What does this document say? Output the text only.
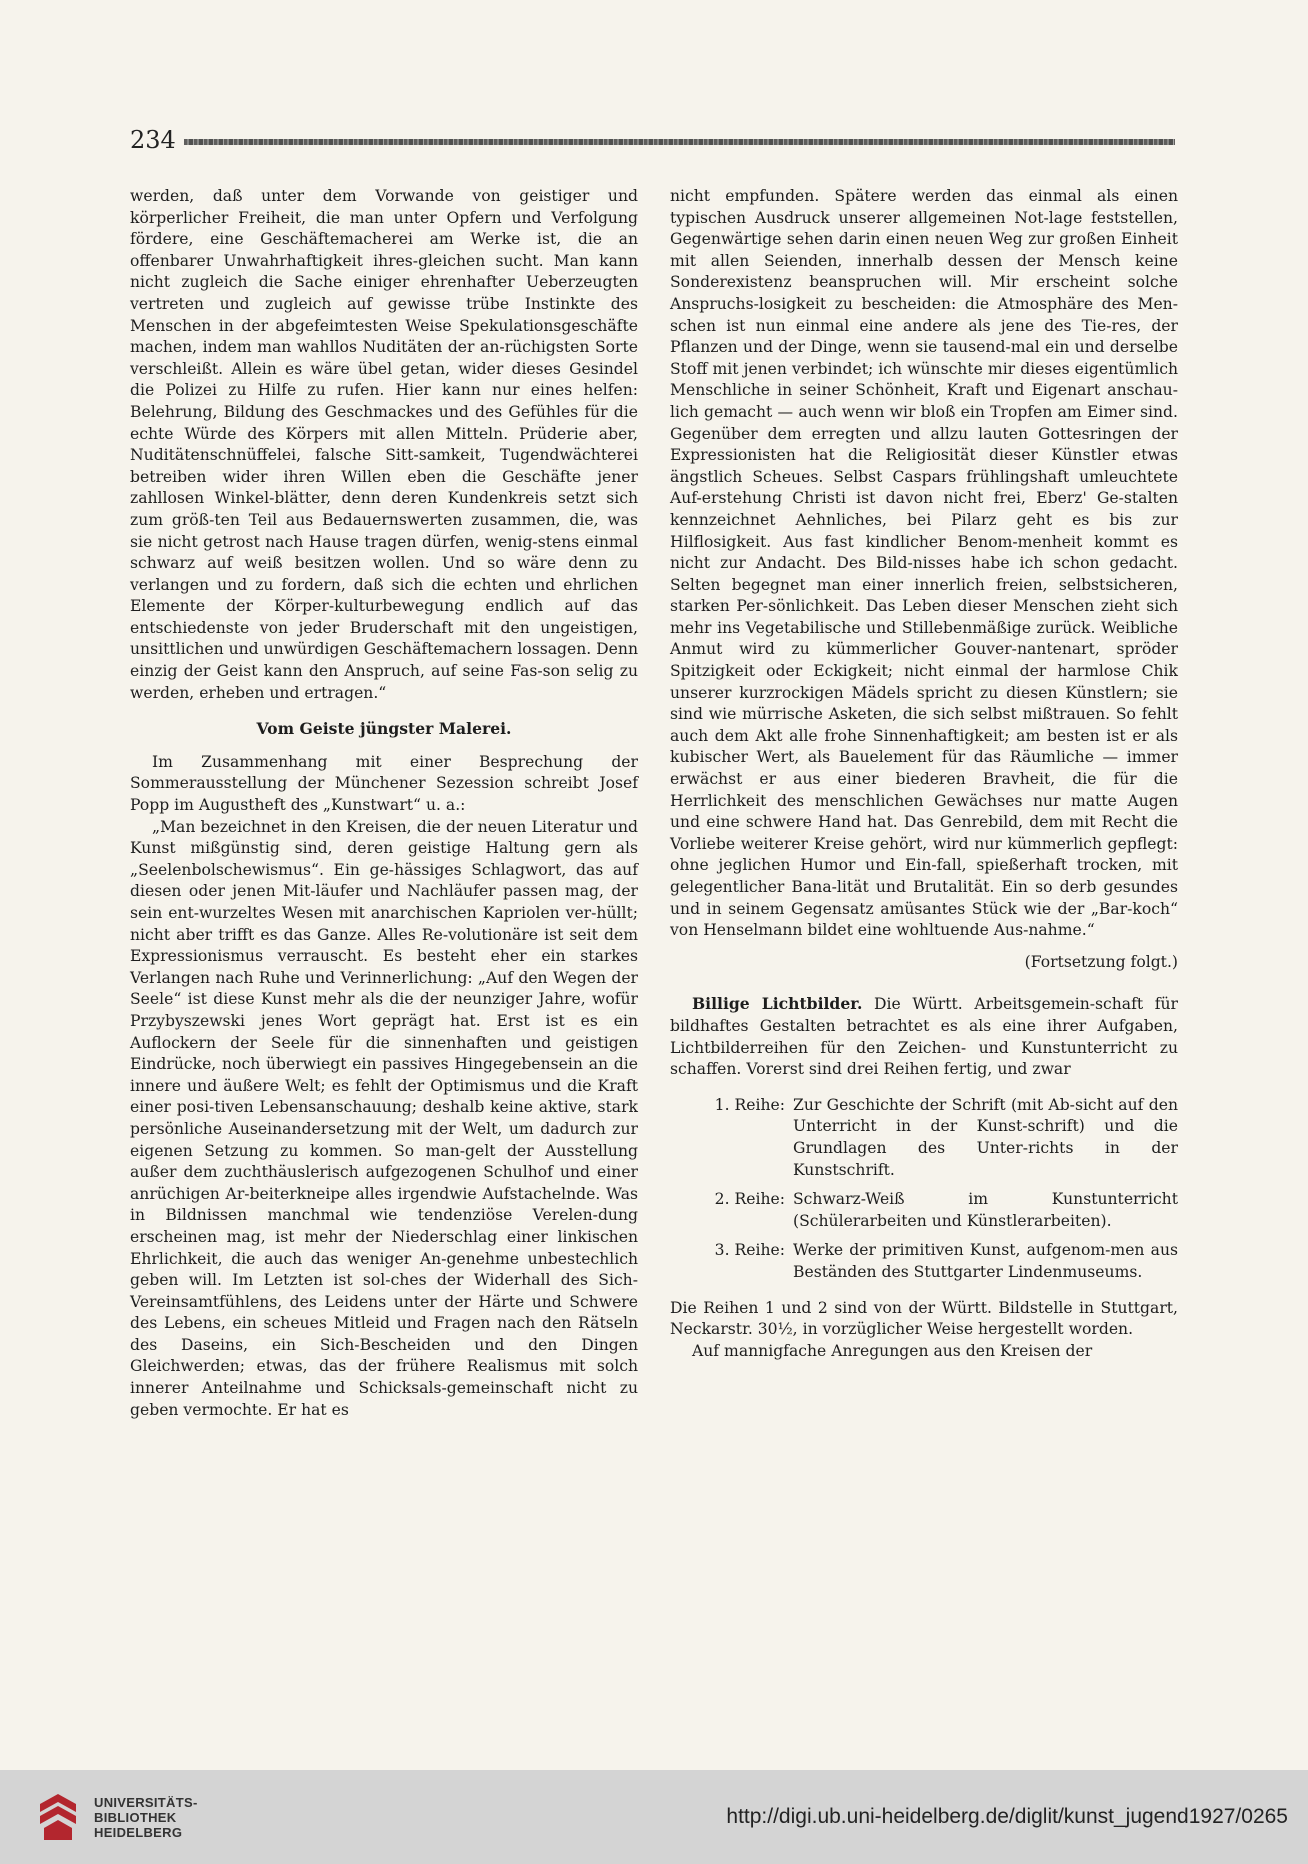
234

werden, daß unter dem Vorwande von geistiger und körperlicher Freiheit, die man unter Opfern und Verfolgung fördere, eine Geschäftemacherei am Werke ist, die an offenbarer Unwahrhaftigkeit ihres-gleichen sucht. Man kann nicht zugleich die Sache einiger ehrenhafter Ueberzeugten vertreten und zugleich auf gewisse trübe Instinkte des Menschen in der abgefeimtesten Weise Spekulationsgeschäfte machen, indem man wahllos Nuditäten der an-rüchigsten Sorte verschleißt. Allein es wäre übel getan, wider dieses Gesindel die Polizei zu Hilfe zu rufen. Hier kann nur eines helfen: Belehrung, Bildung des Geschmackes und des Gefühles für die echte Würde des Körpers mit allen Mitteln. Prüderie aber, Nuditätenschnüffelei, falsche Sitt-samkeit, Tugendwächterei betreiben wider ihren Willen eben die Geschäfte jener zahllosen Winkel-blätter, denn deren Kundenkreis setzt sich zum größ-ten Teil aus Bedauernswerten zusammen, die, was sie nicht getrost nach Hause tragen dürfen, wenig-stens einmal schwarz auf weiß besitzen wollen. Und so wäre denn zu verlangen und zu fordern, daß sich die echten und ehrlichen Elemente der Körper-kulturbewegung endlich auf das entschiedenste von jeder Bruderschaft mit den ungeistigen, unsittlichen und unwürdigen Geschäftemachern lossagen. Denn einzig der Geist kann den Anspruch, auf seine Fas-son selig zu werden, erheben und ertragen.“

Vom Geiste jüngster Malerei.

Im Zusammenhang mit einer Besprechung der Sommerausstellung der Münchener Sezession schreibt Josef Popp im Augustheft des „Kunstwart“ u. a.:

„Man bezeichnet in den Kreisen, die der neuen Literatur und Kunst mißgünstig sind, deren geistige Haltung gern als „Seelenbolschewismus“. Ein ge-hässiges Schlagwort, das auf diesen oder jenen Mit-läufer und Nachläufer passen mag, der sein ent-wurzeltes Wesen mit anarchischen Kapriolen ver-hüllt; nicht aber trifft es das Ganze. Alles Re-volutionäre ist seit dem Expressionismus verrauscht. Es besteht eher ein starkes Verlangen nach Ruhe und Verinnerlichung: „Auf den Wegen der Seele“ ist diese Kunst mehr als die der neunziger Jahre, wofür Przybyszewski jenes Wort geprägt hat. Erst ist es ein Auflockern der Seele für die sinnenhaften und geistigen Eindrücke, noch überwiegt ein passives Hingegebensein an die innere und äußere Welt; es fehlt der Optimismus und die Kraft einer posi-tiven Lebensanschauung; deshalb keine aktive, stark persönliche Auseinandersetzung mit der Welt, um dadurch zur eigenen Setzung zu kommen. So man-gelt der Ausstellung außer dem zuchthäuslerisch aufgezogenen Schulhof und einer anrüchigen Ar-beiterkneipe alles irgendwie Aufstachelnde. Was in Bildnissen manchmal wie tendenziöse Verelen-dung erscheinen mag, ist mehr der Niederschlag einer linkischen Ehrlichkeit, die auch das weniger An-genehme unbestechlich geben will. Im Letzten ist sol-ches der Widerhall des Sich-Vereinsamtfühlens, des Leidens unter der Härte und Schwere des Lebens, ein scheues Mitleid und Fragen nach den Rätseln des Daseins, ein Sich-Bescheiden und den Dingen Gleichwerden; etwas, das der frühere Realismus mit solch innerer Anteilnahme und Schicksals-gemeinschaft nicht zu geben vermochte. Er hat es

nicht empfunden. Spätere werden das einmal als einen typischen Ausdruck unserer allgemeinen Not-lage feststellen, Gegenwärtige sehen darin einen neuen Weg zur großen Einheit mit allen Seienden, innerhalb dessen der Mensch keine Sonderexistenz beanspruchen will. Mir erscheint solche Anspruchs-losigkeit zu bescheiden: die Atmosphäre des Men-schen ist nun einmal eine andere als jene des Tie-res, der Pflanzen und der Dinge, wenn sie tausend-mal ein und derselbe Stoff mit jenen verbindet; ich wünschte mir dieses eigentümlich Menschliche in seiner Schönheit, Kraft und Eigenart anschau-lich gemacht — auch wenn wir bloß ein Tropfen am Eimer sind. Gegenüber dem erregten und allzu lauten Gottesringen der Expressionisten hat die Religiosität dieser Künstler etwas ängstlich Scheues. Selbst Caspars frühlingshaft umleuchtete Auf-erstehung Christi ist davon nicht frei, Eberz' Ge-stalten kennzeichnet Aehnliches, bei Pilarz geht es bis zur Hilflosigkeit. Aus fast kindlicher Benom-menheit kommt es nicht zur Andacht. Des Bild-nisses habe ich schon gedacht. Selten begegnet man einer innerlich freien, selbstsicheren, starken Per-sönlichkeit. Das Leben dieser Menschen zieht sich mehr ins Vegetabilische und Stillebenmäßige zurück. Weibliche Anmut wird zu kümmerlicher Gouver-nantenart, spröder Spitzigkeit oder Eckigkeit; nicht einmal der harmlose Chik unserer kurzrockigen Mädels spricht zu diesen Künstlern; sie sind wie mürrische Asketen, die sich selbst mißtrauen. So fehlt auch dem Akt alle frohe Sinnenhaftigkeit; am besten ist er als kubischer Wert, als Bauelement für das Räumliche — immer erwächst er aus einer biederen Bravheit, die für die Herrlichkeit des menschlichen Gewächses nur matte Augen und eine schwere Hand hat. Das Genrebild, dem mit Recht die Vorliebe weiterer Kreise gehört, wird nur kümmerlich gepflegt: ohne jeglichen Humor und Ein-fall, spießerhaft trocken, mit gelegentlicher Bana-lität und Brutalität. Ein so derb gesundes und in seinem Gegensatz amüsantes Stück wie der „Bar-koch“ von Henselmann bildet eine wohltuende Aus-nahme.“

(Fortsetzung folgt.)

Billige Lichtbilder. Die Württ. Arbeitsgemein-schaft für bildhaftes Gestalten betrachtet es als eine ihrer Aufgaben, Lichtbilderreihen für den Zeichen- und Kunstunterricht zu schaffen. Vorerst sind drei Reihen fertig, und zwar

1. Reihe: Zur Geschichte der Schrift (mit Ab-sicht auf den Unterricht in der Kunst-schrift) und die Grundlagen des Unter-richts in der Kunstschrift.
2. Reihe: Schwarz-Weiß im Kunstunterricht (Schülerarbeiten und Künstlerarbeiten).
3. Reihe: Werke der primitiven Kunst, aufgenom-men aus Beständen des Stuttgarter Lindenmuseums.

Die Reihen 1 und 2 sind von der Württ. Bildstelle in Stuttgart, Neckarstr. 30½, in vorzüglicher Weise hergestellt worden.

Auf mannigfache Anregungen aus den Kreisen der

UNIVERSITÄTS-
BIBLIOTHEK
HEIDELBERG
http://digi.ub.uni-heidelberg.de/diglit/kunst_jugend1927/0265
